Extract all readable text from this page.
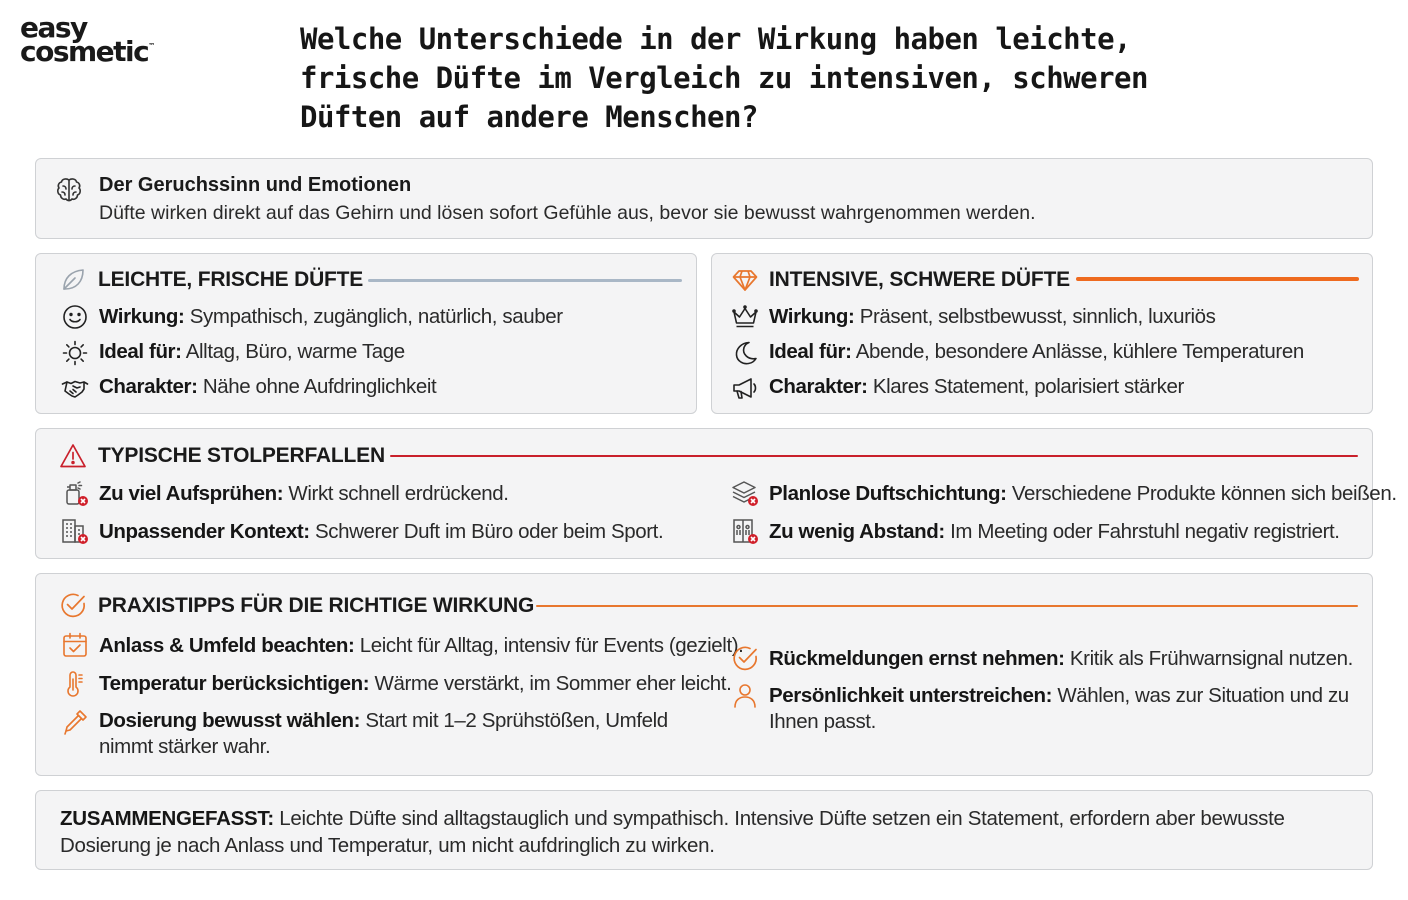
easy
cosmetic™	Welche Unterschiede in der Wirkung haben leichte, frische Düfte im Vergleich zu intensiven, schweren Düften auf andere Menschen?
Der Geruchssinn und Emotionen
Düfte wirken direkt auf das Gehirn und lösen sofort Gefühle aus, bevor sie bewusst wahrgenommen werden.
LEICHTE, FRISCHE DÜFTE
Wirkung: Sympathisch, zugänglich, natürlich, sauber
Ideal für: Alltag, Büro, warme Tage
Charakter: Nähe ohne Aufdringlichkeit
INTENSIVE, SCHWERE DÜFTE
Wirkung: Präsent, selbstbewusst, sinnlich, luxuriös
Ideal für: Abende, besondere Anlässe, kühlere Temperaturen
Charakter: Klares Statement, polarisiert stärker
TYPISCHE STOLPERFALLEN
Zu viel Aufsprühen: Wirkt schnell erdrückend.
Unpassender Kontext: Schwerer Duft im Büro oder beim Sport.
Planlose Duftschichtung: Verschiedene Produkte können sich beißen.
Zu wenig Abstand: Im Meeting oder Fahrstuhl negativ registriert.
PRAXISTIPPS FÜR DIE RICHTIGE WIRKUNG
Anlass & Umfeld beachten: Leicht für Alltag, intensiv für Events (gezielt).
Temperatur berücksichtigen: Wärme verstärkt, im Sommer eher leicht.
Dosierung bewusst wählen: Start mit 1–2 Sprühstößen, Umfeld nimmt stärker wahr.
Rückmeldungen ernst nehmen: Kritik als Frühwarnsignal nutzen.
Persönlichkeit unterstreichen: Wählen, was zur Situation und zu Ihnen passt.
ZUSAMMENGEFASST: Leichte Düfte sind alltagstauglich und sympathisch. Intensive Düfte setzen ein Statement, erfordern aber bewusste Dosierung je nach Anlass und Temperatur, um nicht aufdringlich zu wirken.
